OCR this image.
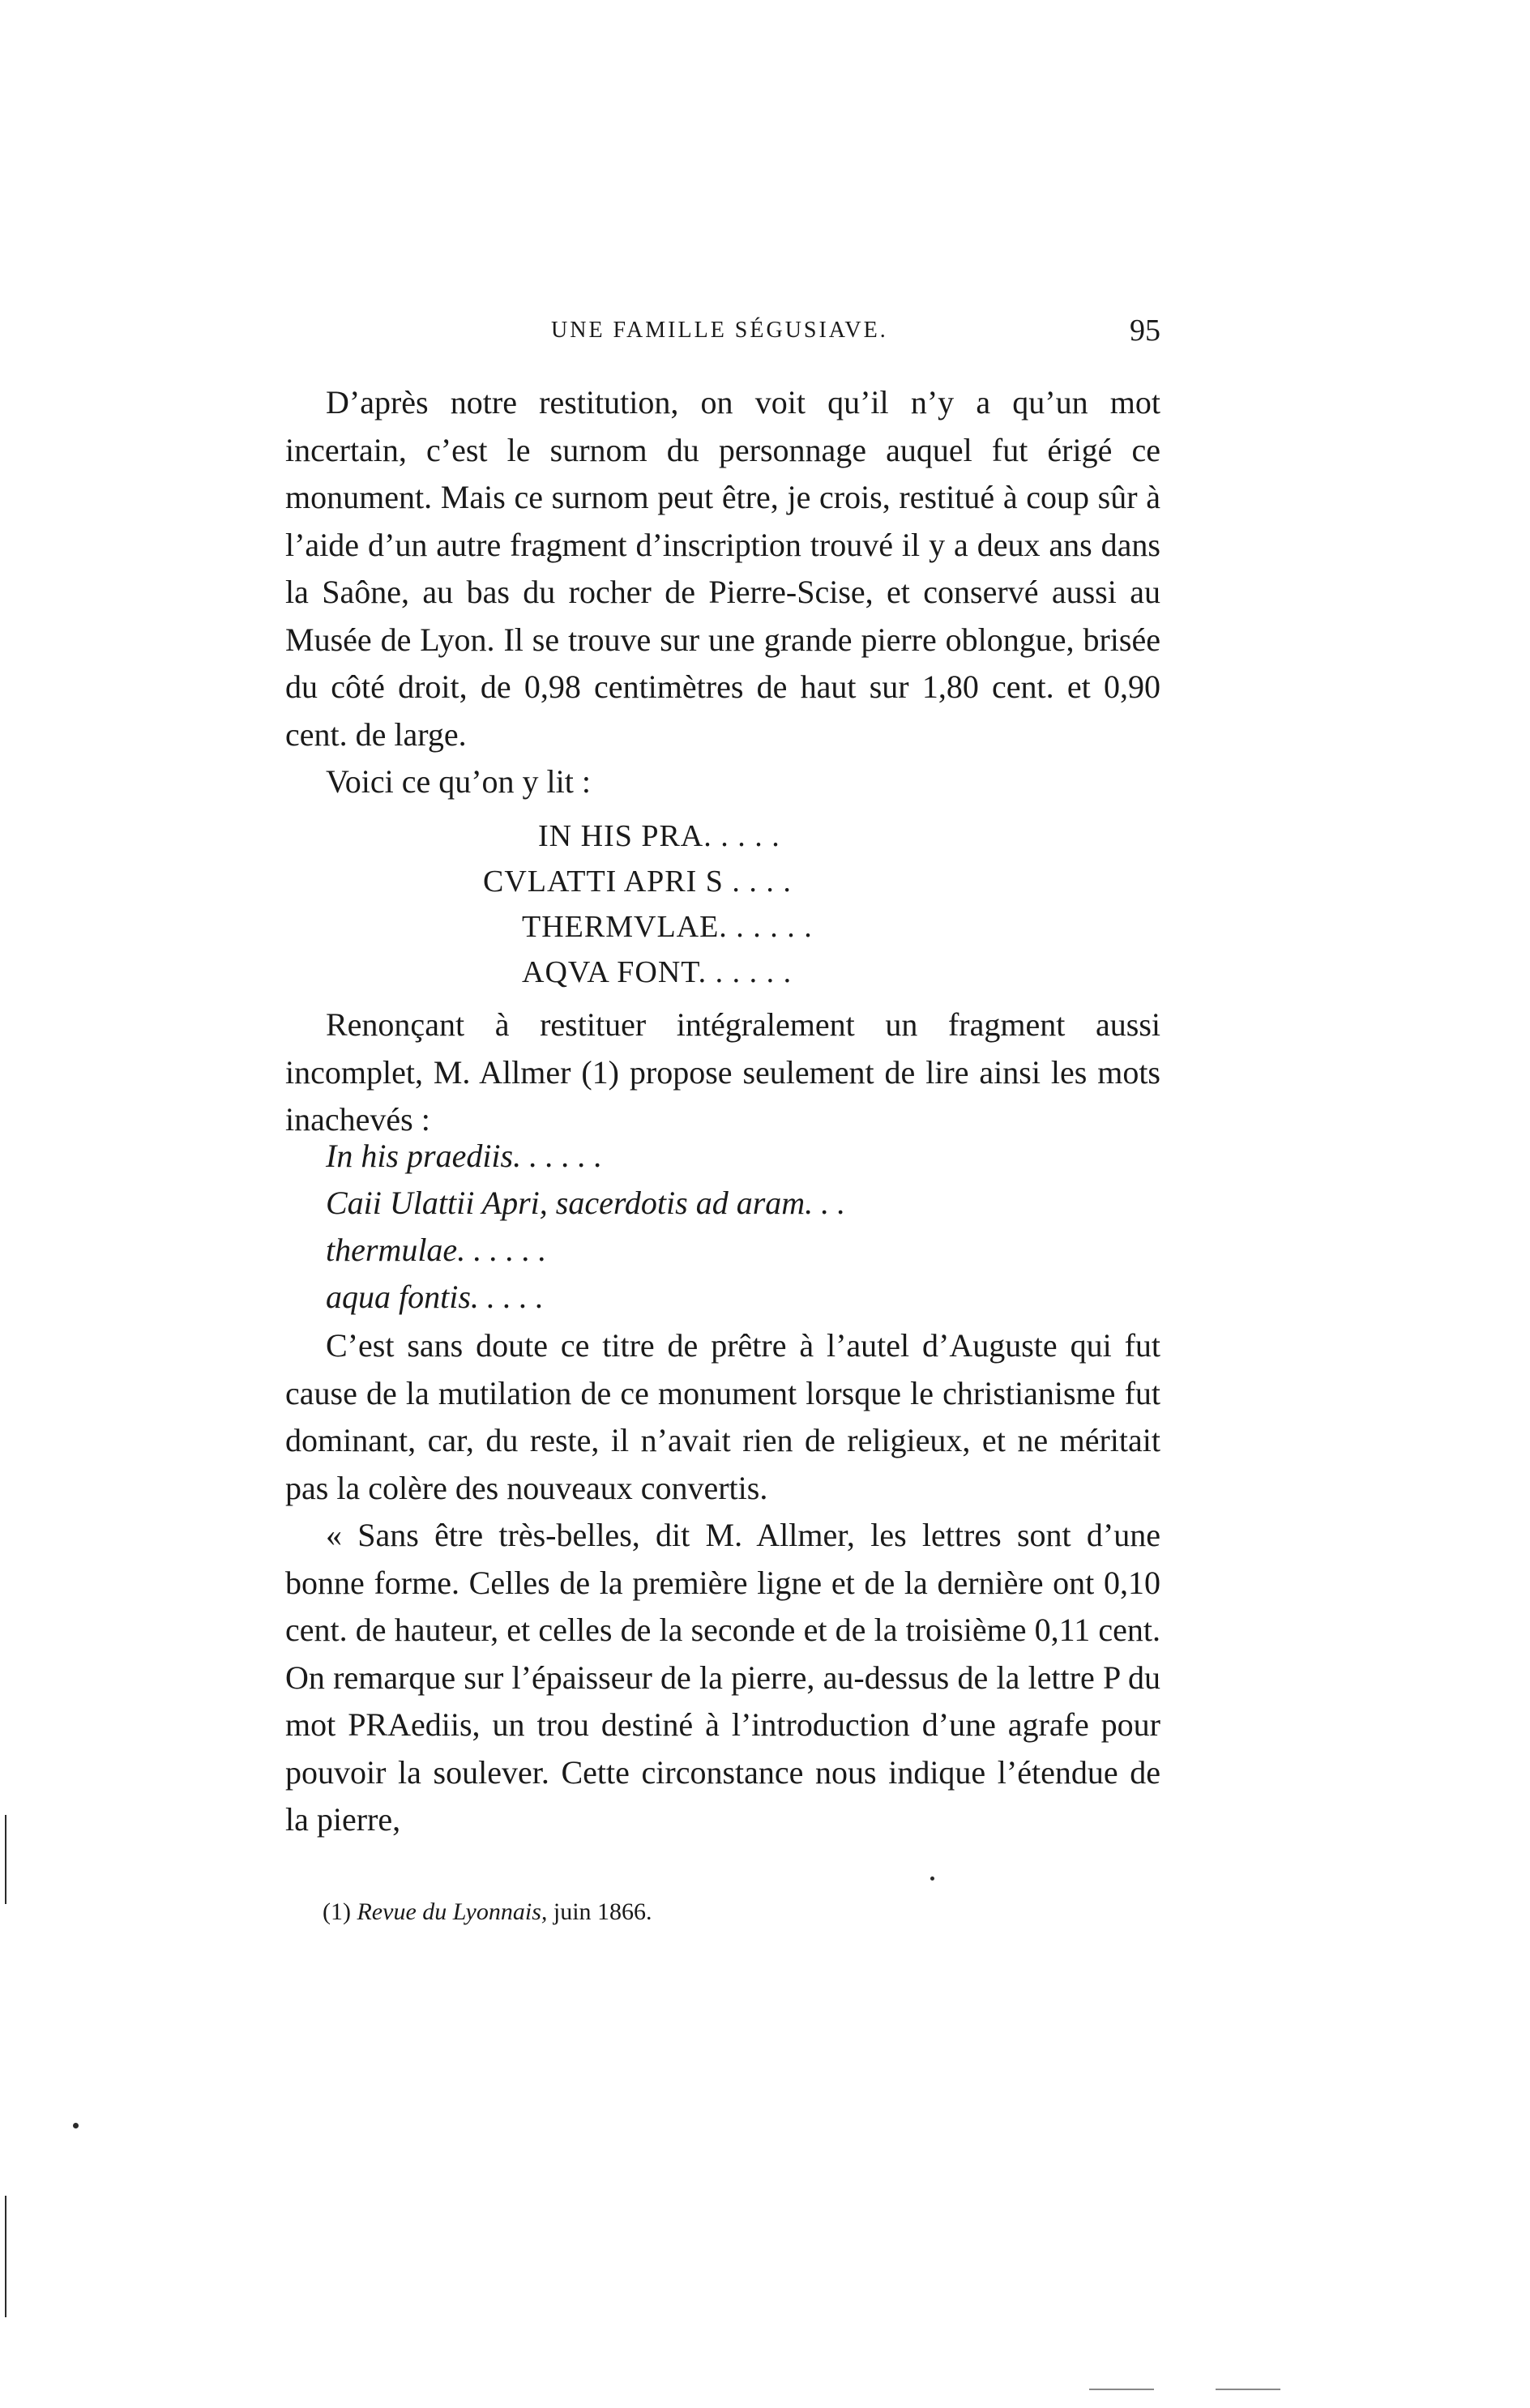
UNE FAMILLE SÉGUSIAVE.	95

D’après notre restitution, on voit qu’il n’y a qu’un mot incertain, c’est le surnom du personnage auquel fut érigé ce monument. Mais ce surnom peut être, je crois, restitué à coup sûr à l’aide d’un autre fragment d’inscription trouvé il y a deux ans dans la Saône, au bas du rocher de Pierre-Scise, et conservé aussi au Musée de Lyon. Il se trouve sur une grande pierre oblongue, brisée du côté droit, de 0,98 centimètres de haut sur 1,80 cent. et 0,90 cent. de large.

Voici ce qu’on y lit :

IN HIS PRA. . . . .
CVLATTI APRI S . . . .
THERMVLAE. . . . . .
AQVA FONT. . . . . .

Renonçant à restituer intégralement un fragment aussi incomplet, M. Allmer (1) propose seulement de lire ainsi les mots inachevés :

In his praediis. . . . . .
Caii Ulattii Apri, sacerdotis ad aram. . .
thermulae. . . . . .
aqua fontis. . . . .

C’est sans doute ce titre de prêtre à l’autel d’Auguste qui fut cause de la mutilation de ce monument lorsque le christianisme fut dominant, car, du reste, il n’avait rien de religieux, et ne méritait pas la colère des nouveaux convertis.

« Sans être très-belles, dit M. Allmer, les lettres sont d’une bonne forme. Celles de la première ligne et de la dernière ont 0,10 cent. de hauteur, et celles de la seconde et de la troisième 0,11 cent. On remarque sur l’épaisseur de la pierre, au-dessus de la lettre P du mot PRAediis, un trou destiné à l’introduction d’une agrafe pour pouvoir la soulever. Cette circonstance nous indique l’étendue de la pierre,

(1) Revue du Lyonnais, juin 1866.
